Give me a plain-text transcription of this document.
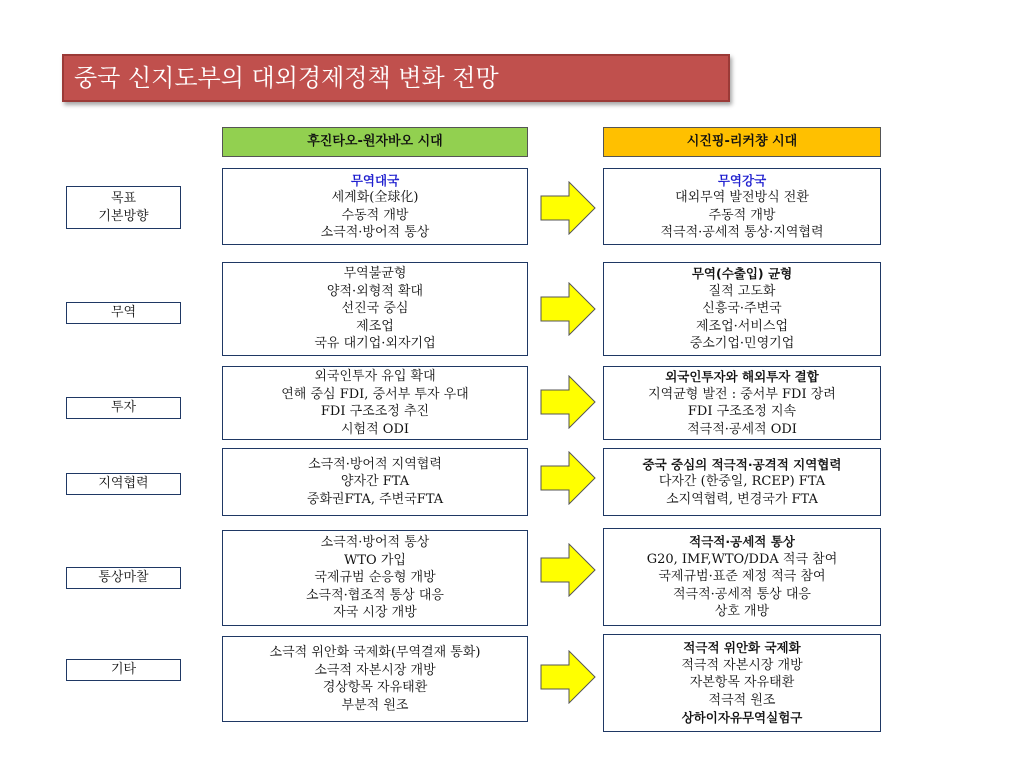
중국 신지도부의 대외경제정책 변화 전망
후진타오-원자바오 시대	시진핑-리커챵 시대
목표
기본방향
무역대국
세계화(全球化)
수동적 개방
소극적·방어적 통상
무역강국
대외무역 발전방식 전환
주동적 개방
적극적·공세적 통상·지역협력
무역
무역불균형
양적·외형적 확대
선진국 중심
제조업
국유 대기업·외자기업
무역(수출입) 균형
질적 고도화
신흥국·주변국
제조업·서비스업
중소기업·민영기업
투자
외국인투자 유입 확대
연해 중심 FDI, 중서부 투자 우대
FDI 구조조정 추진
시험적 ODI
외국인투자와 해외투자 결합
지역균형 발전 : 중서부 FDI 장려
FDI 구조조정 지속
적극적·공세적 ODI
지역협력
소극적·방어적 지역협력
양자간 FTA
중화권FTA, 주변국FTA
중국 중심의 적극적·공격적 지역협력
다자간 (한중일, RCEP) FTA
소지역협력, 변경국가 FTA
통상마찰
소극적·방어적 통상
WTO 가입
국제규범 순응형 개방
소극적·협조적 통상 대응
자국 시장 개방
적극적·공세적 통상
G20, IMF,WTO/DDA 적극 참여
국제규범·표준 제정 적극 참여
적극적·공세적 통상 대응
상호 개방
기타
소극적 위안화 국제화(무역결재 통화)
소극적 자본시장 개방
경상항목 자유태환
부분적 원조
적극적 위안화 국제화
적극적 자본시장 개방
자본항목 자유태환
적극적 원조
상하이자유무역실험구
